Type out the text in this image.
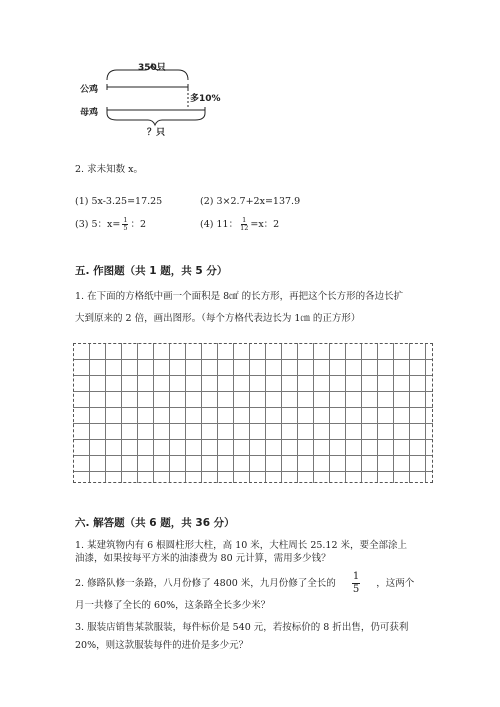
350只
公鸡
母鸡
多10%
？只
2. 求未知数 x。
(1) 5x-3.25=17.25	(2) 3×2.7+2x=137.9
(3) 5：$x= \frac{1}{5}$ ：2	(4) 11： $\frac{1}{12} =x$：2
五. 作图题（共 1 题，共 5 分）
1. 在下面的方格纸中画一个面积是 8㎠ 的长方形，再把这个长方形的各边长扩
大到原来的 2 倍，画出图形。（每个方格代表边长为 1㎝ 的正方形）
六. 解答题（共 6 题，共 36 分）
1. 某建筑物内有 6 根圆柱形大柱，高 10 米，大柱周长 25.12 米，要全部涂上
油漆，如果按每平方米的油漆费为 80 元计算，需用多少钱？
2. 修路队修一条路，八月份修了 4800 米，九月份修了全长的 $\frac{1}{5}$ ，这两个
月一共修了全长的 60%，这条路全长多少米？
3. 服装店销售某款服装，每件标价是 540 元，若按标价的 8 折出售，仍可获利
20%，则这款服装每件的进价是多少元？
